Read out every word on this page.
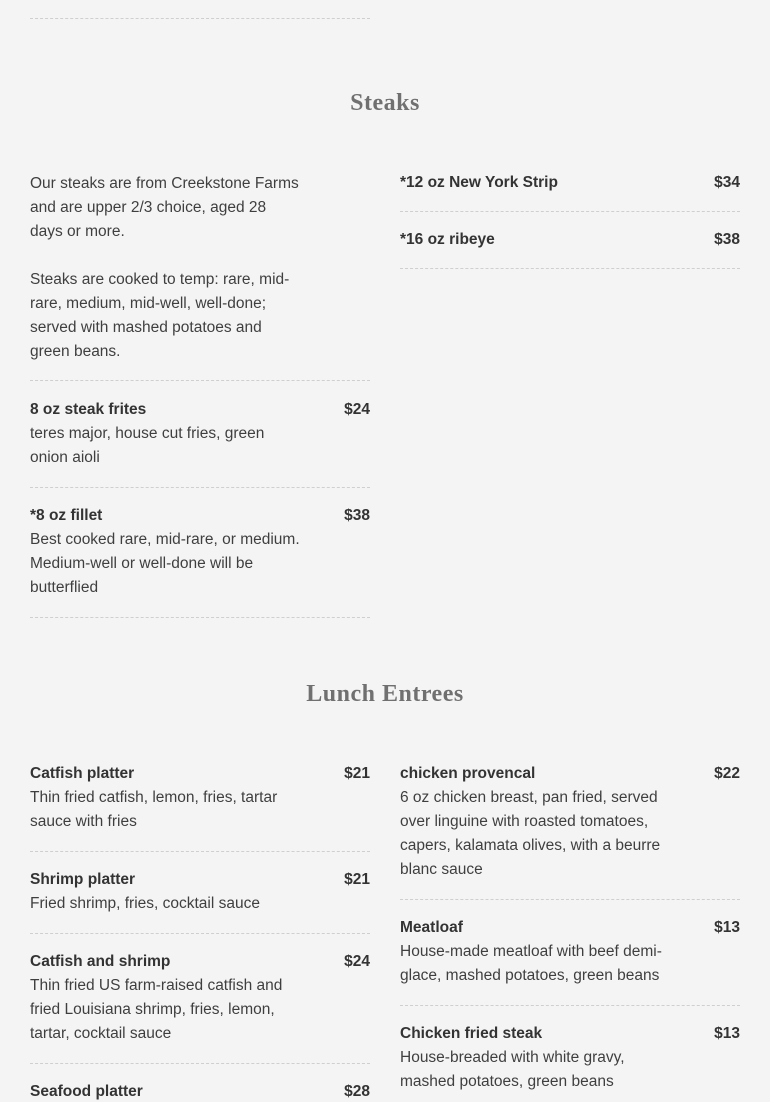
Steaks

Our steaks are from Creekstone Farms and are upper 2/3 choice, aged 28 days or more.

Steaks are cooked to temp: rare, mid-rare, medium, mid-well, well-done; served with mashed potatoes and green beans.

8 oz steak frites	$24
teres major, house cut fries, green onion aioli
*8 oz fillet	$38
Best cooked rare, mid-rare, or medium. Medium-well or well-done will be butterflied
*12 oz New York Strip	$34
*16 oz ribeye	$38
Lunch Entrees
Catfish platter	$21
Thin fried catfish, lemon, fries, tartar sauce with fries
Shrimp platter	$21
Fried shrimp, fries, cocktail sauce
Catfish and shrimp	$24
Thin fried US farm-raised catfish and fried Louisiana shrimp, fries, lemon, tartar, cocktail sauce
Seafood platter	$28
chicken provencal	$22
6 oz chicken breast, pan fried, served over linguine with roasted tomatoes, capers, kalamata olives, with a beurre blanc sauce
Meatloaf	$13
House-made meatloaf with beef demi-glace, mashed potatoes, green beans
Chicken fried steak	$13
House-breaded with white gravy, mashed potatoes, green beans
